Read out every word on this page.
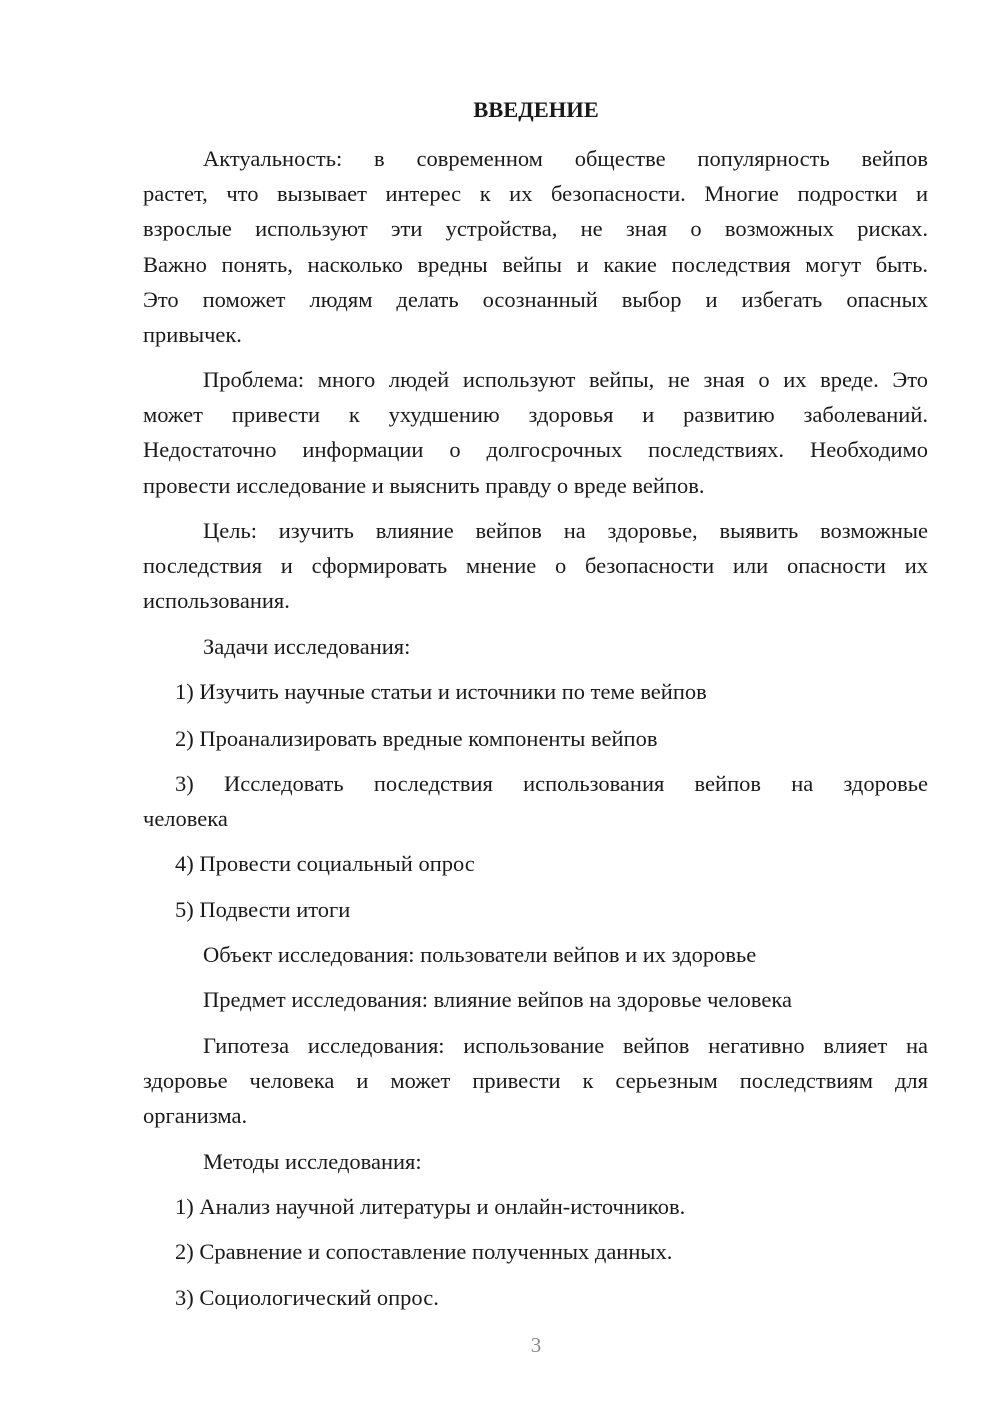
ВВЕДЕНИЕ
Актуальность: в современном обществе популярность вейпов
растет, что вызывает интерес к их безопасности. Многие подростки и
взрослые используют эти устройства, не зная о возможных рисках.
Важно понять, насколько вредны вейпы и какие последствия могут быть.
Это поможет людям делать осознанный выбор и избегать опасных
привычек.
Проблема: много людей используют вейпы, не зная о их вреде. Это
может привести к ухудшению здоровья и развитию заболеваний.
Недостаточно информации о долгосрочных последствиях. Необходимо
провести исследование и выяснить правду о вреде вейпов.
Цель: изучить влияние вейпов на здоровье, выявить возможные
последствия и сформировать мнение о безопасности или опасности их
использования.
Задачи исследования:
1) Изучить научные статьи и источники по теме вейпов
2) Проанализировать вредные компоненты вейпов
3) Исследовать последствия использования вейпов на здоровье
человека
4) Провести социальный опрос
5) Подвести итоги
Объект исследования: пользователи вейпов и их здоровье
Предмет исследования: влияние вейпов на здоровье человека
Гипотеза исследования: использование вейпов негативно влияет на
здоровье человека и может привести к серьезным последствиям для
организма.
Методы исследования:
1) Анализ научной литературы и онлайн-источников.
2) Сравнение и сопоставление полученных данных.
3) Социологический опрос.
3
